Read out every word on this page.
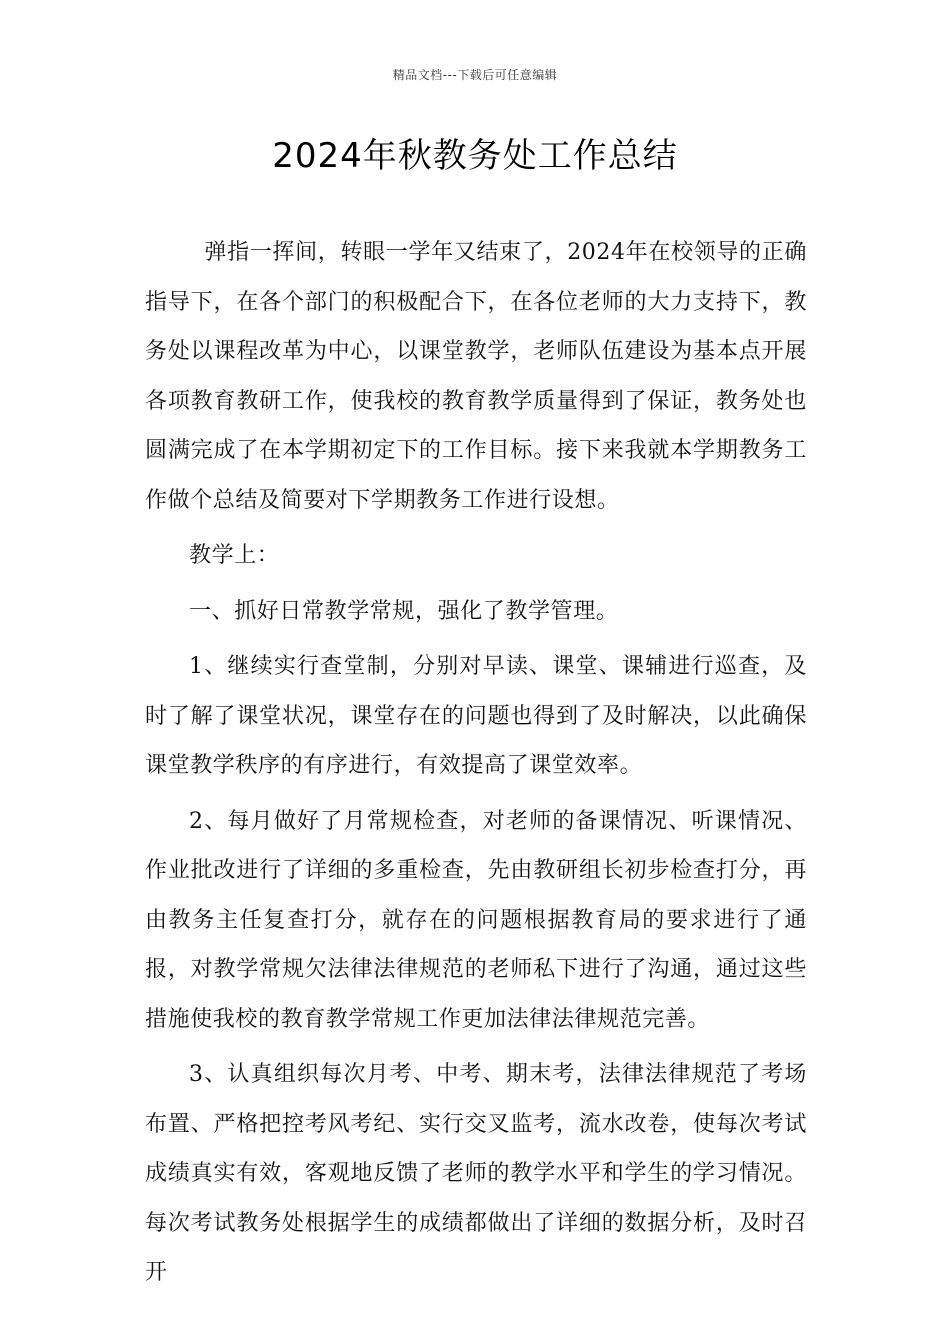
精品文档---下载后可任意编辑
2024年秋教务处工作总结

弹指一挥间，转眼一学年又结束了，2024年在校领导的正确指导下，在各个部门的积极配合下，在各位老师的大力支持下，教务处以课程改革为中心，以课堂教学，老师队伍建设为基本点开展各项教育教研工作，使我校的教育教学质量得到了保证，教务处也圆满完成了在本学期初定下的工作目标。接下来我就本学期教务工作做个总结及简要对下学期教务工作进行设想。

教学上：

一、抓好日常教学常规，强化了教学管理。

1、继续实行查堂制，分别对早读、课堂、课辅进行巡查，及时了解了课堂状况，课堂存在的问题也得到了及时解决，以此确保课堂教学秩序的有序进行，有效提高了课堂效率。

2、每月做好了月常规检查，对老师的备课情况、听课情况、作业批改进行了详细的多重检查，先由教研组长初步检查打分，再由教务主任复查打分，就存在的问题根据教育局的要求进行了通报，对教学常规欠法律法律规范的老师私下进行了沟通，通过这些措施使我校的教育教学常规工作更加法律法律规范完善。

3、认真组织每次月考、中考、期末考，法律法律规范了考场布置、严格把控考风考纪、实行交叉监考，流水改卷，使每次考试成绩真实有效，客观地反馈了老师的教学水平和学生的学习情况。每次考试教务处根据学生的成绩都做出了详细的数据分析，及时召开
